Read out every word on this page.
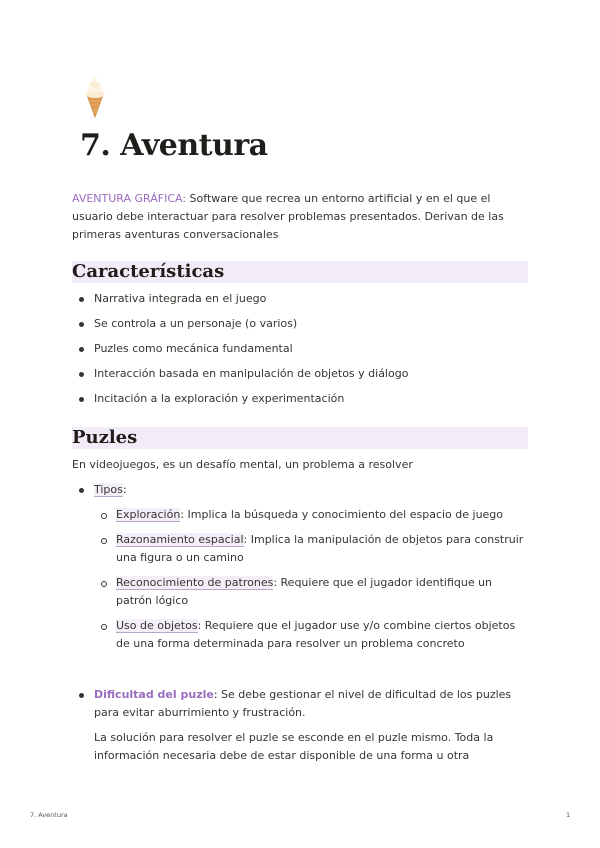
7. Aventura

AVENTURA GRÁFICA: Software que recrea un entorno artificial y en el que el usuario debe interactuar para resolver problemas presentados. Derivan de las primeras aventuras conversacionales

Características
Narrativa integrada en el juego
Se controla a un personaje (o varios)
Puzles como mecánica fundamental
Interacción basada en manipulación de objetos y diálogo
Incitación a la exploración y experimentación
Puzles

En videojuegos, es un desafío mental, un problema a resolver

Tipos:
Exploración: Implica la búsqueda y conocimiento del espacio de juego
Razonamiento espacial: Implica la manipulación de objetos para construir una figura o un camino
Reconocimiento de patrones: Requiere que el jugador identifique un patrón lógico
Uso de objetos: Requiere que el jugador use y/o combine ciertos objetos de una forma determinada para resolver un problema concreto
Dificultad del puzle: Se debe gestionar el nivel de dificultad de los puzles para evitar aburrimiento y frustración.

La solución para resolver el puzle se esconde en el puzle mismo. Toda la información necesaria debe de estar disponible de una forma u otra

7. Aventura	1
